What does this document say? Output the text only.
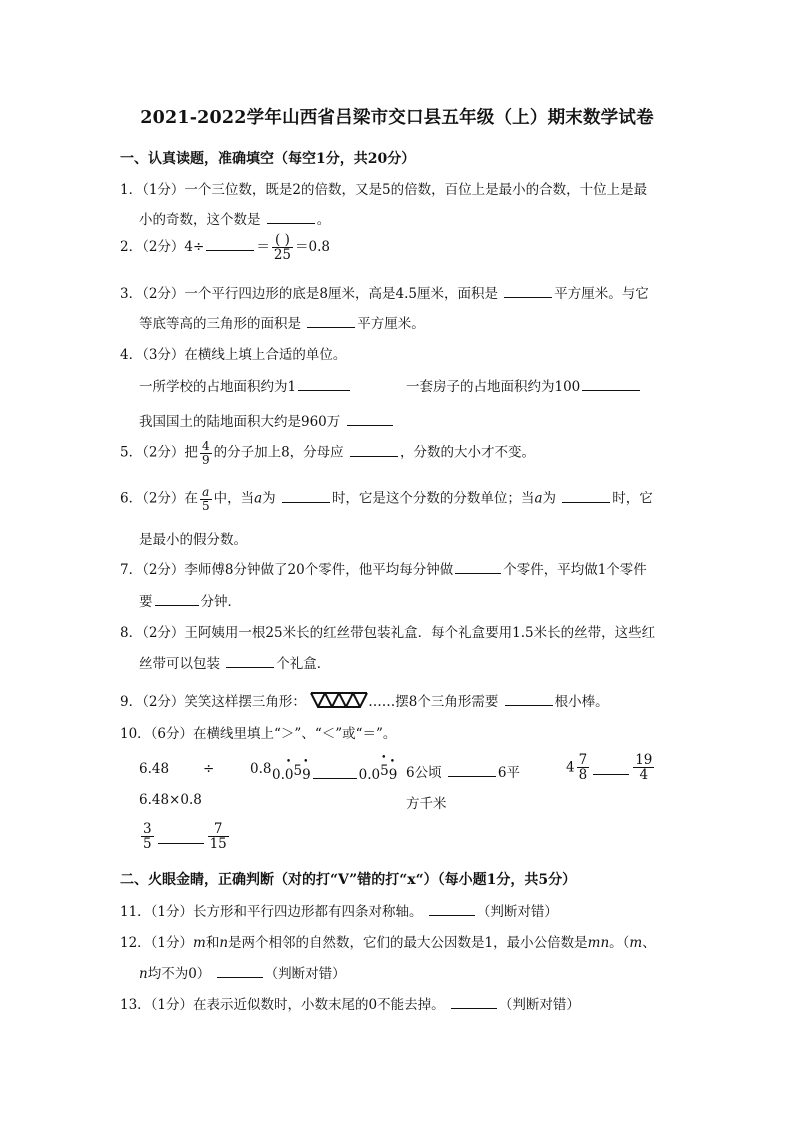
2021-2022学年山西省吕梁市交口县五年级（上）期末数学试卷
一、认真读题，准确填空（每空1分，共20分）
1．（1分）一个三位数，既是2的倍数，又是5的倍数，百位上是最小的合数，十位上是最
小的奇数，这个数是	。
2．（2分）4÷	＝ $\frac{( )}{25} =0.8$
3．（2分）一个平行四边形的底是8厘米，高是4.5厘米，面积是	平方厘米。与它
等底等高的三角形的面积是	平方厘米。
4．（3分）在横线上填上合适的单位。
一所学校的占地面积约为1	一套房子的占地面积约为100
我国国土的陆地面积大约是960万
5．（2分）把 $\frac{4}{9}$ 的分子加上8，分母应	，分数的大小才不变。
6．（2分）在 $\frac{a}{5}$ 中，当a为	时，它是这个分数的分数单位；当a为	时，它
是最小的假分数。
7．（2分）李师傅8分钟做了20个零件，他平均每分钟做	个零件，平均做1个零件
要	分钟．
8．（2分）王阿姨用一根25米长的红丝带包装礼盒．每个礼盒要用1.5米长的丝带，这些红
丝带可以包装	个礼盒．
9．（2分）笑笑这样摆三角形：	……摆8个三角形需要	根小棒。
10．（6分）在横线里填上“＞”、“＜”或“＝”。
6.48	÷	0.8
6.48×0.8
0.• 05• 9	0.0• 5• 9 6公顷	6平
方千米
$4 \frac{7}{8}$	$\frac{19}{4}$
$\frac{3}{5}$	$\frac{7}{15}$
二、火眼金睛，正确判断（对的打“V”错的打“x“）（每小题1分，共5分）
11．（1分）长方形和平行四边形都有四条对称轴。	（判断对错）
12．（1分）m和n是两个相邻的自然数，它们的最大公因数是1，最小公倍数是mn。（m、
n均不为0）	（判断对错）
13．（1分）在表示近似数时，小数末尾的0不能去掉。	（判断对错）
